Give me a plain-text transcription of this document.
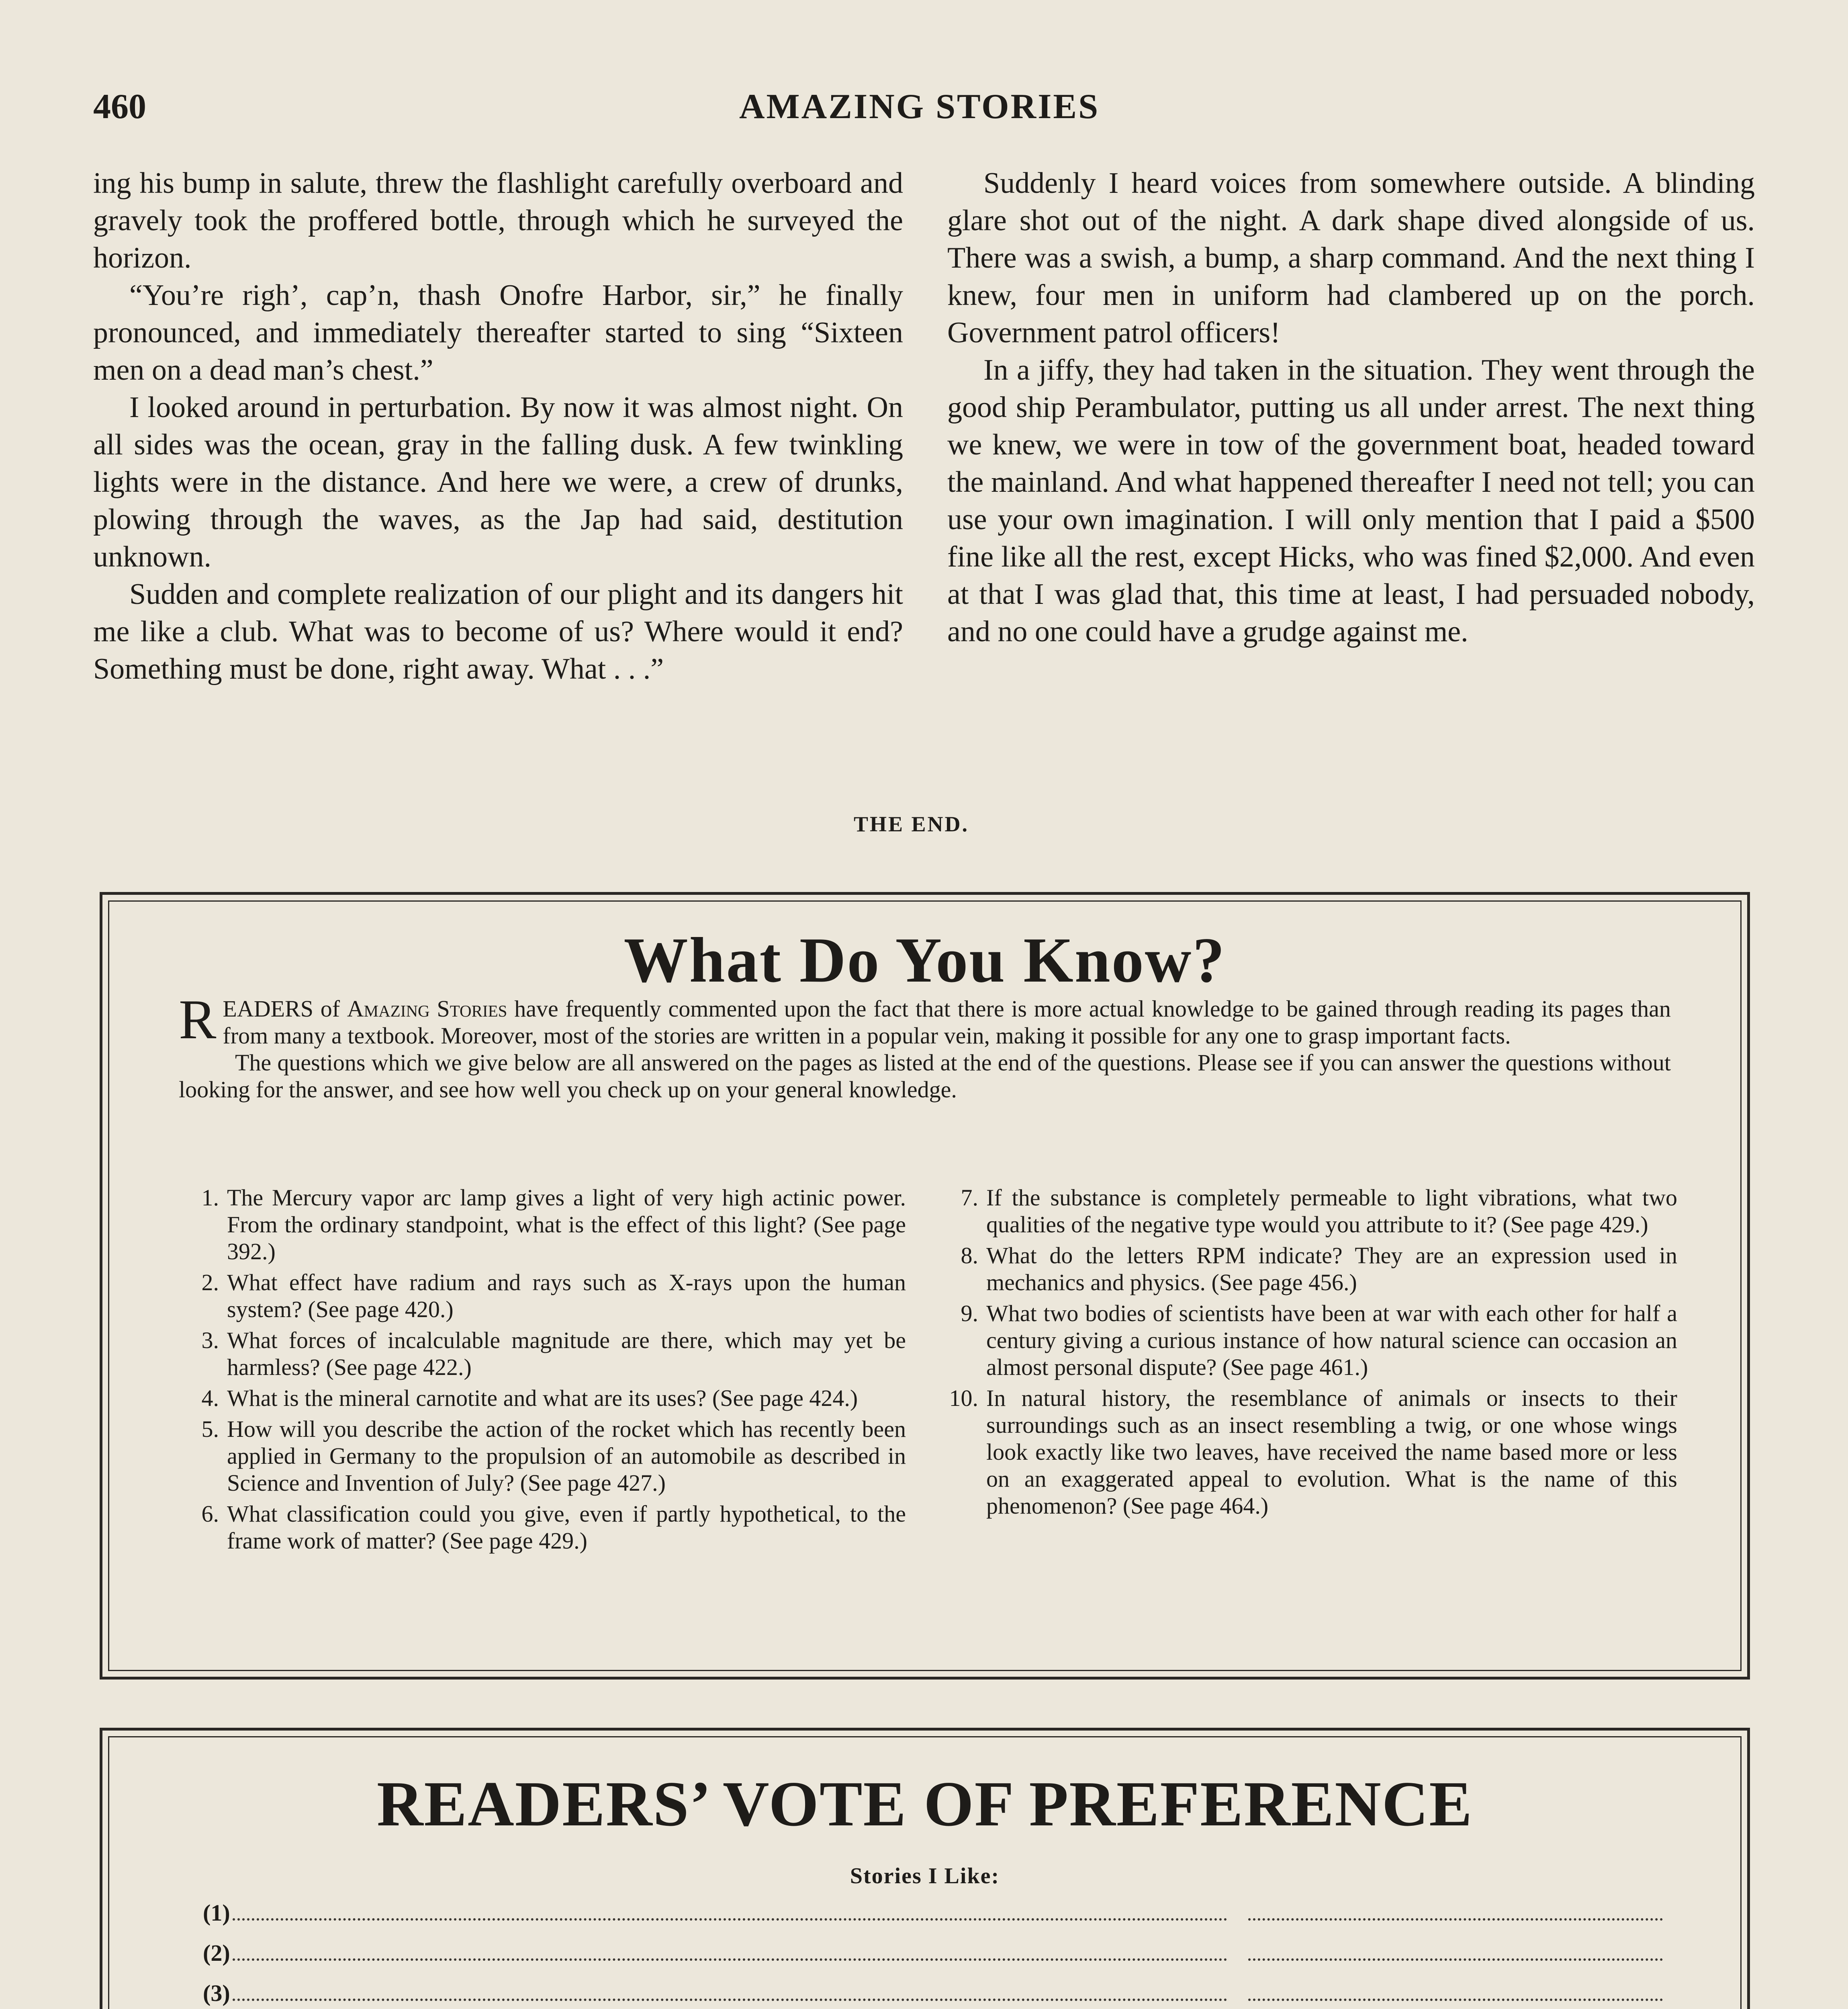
460	AMAZING STORIES

ing his bump in salute, threw the flashlight carefully overboard and gravely took the proffered bottle, through which he surveyed the horizon.

“You’re righ’, cap’n, thash Onofre Harbor, sir,” he finally pronounced, and immediately thereafter started to sing “Sixteen men on a dead man’s chest.”

I looked around in perturbation. By now it was almost night. On all sides was the ocean, gray in the falling dusk. A few twinkling lights were in the distance. And here we were, a crew of drunks, plowing through the waves, as the Jap had said, destitution unknown.

Sudden and complete realization of our plight and its dangers hit me like a club. What was to become of us? Where would it end? Something must be done, right away. What . . .”

Suddenly I heard voices from somewhere outside. A blinding glare shot out of the night. A dark shape dived alongside of us. There was a swish, a bump, a sharp command. And the next thing I knew, four men in uniform had clambered up on the porch. Government patrol officers!

In a jiffy, they had taken in the situation. They went through the good ship Perambulator, putting us all under arrest. The next thing we knew, we were in tow of the government boat, headed toward the mainland. And what happened thereafter I need not tell; you can use your own imagination. I will only mention that I paid a $500 fine like all the rest, except Hicks, who was fined $2,000. And even at that I was glad that, this time at least, I had persuaded nobody, and no one could have a grudge against me.

THE END.
What Do You Know?

READERS of Amazing Stories have frequently commented upon the fact that there is more actual knowledge to be gained through reading its pages than from many a textbook. Moreover, most of the stories are written in a popular vein, making it possible for any one to grasp important facts.

The questions which we give below are all answered on the pages as listed at the end of the questions. Please see if you can answer the questions without looking for the answer, and see how well you check up on your general knowledge.

1. The Mercury vapor arc lamp gives a light of very high actinic power. From the ordinary standpoint, what is the effect of this light? (See page 392.)
2. What effect have radium and rays such as X-rays upon the human system? (See page 420.)
3. What forces of incalculable magnitude are there, which may yet be harmless? (See page 422.)
4. What is the mineral carnotite and what are its uses? (See page 424.)
5. How will you describe the action of the rocket which has recently been applied in Germany to the propulsion of an automobile as described in Science and Invention of July? (See page 427.)
6. What classification could you give, even if partly hypothetical, to the frame work of matter? (See page 429.)
7. If the substance is completely permeable to light vibrations, what two qualities of the negative type would you attribute to it? (See page 429.)
8. What do the letters RPM indicate? They are an expression used in mechanics and physics. (See page 456.)
9. What two bodies of scientists have been at war with each other for half a century giving a curious instance of how natural science can occasion an almost personal dispute? (See page 461.)
10. In natural history, the resemblance of animals or insects to their surroundings such as an insect resembling a twig, or one whose wings look exactly like two leaves, have received the name based more or less on an exaggerated appeal to evolution. What is the name of this phenomenon? (See page 464.)
READERS’ VOTE OF PREFERENCE
Stories I Like:
(1)
(2)
(3)
